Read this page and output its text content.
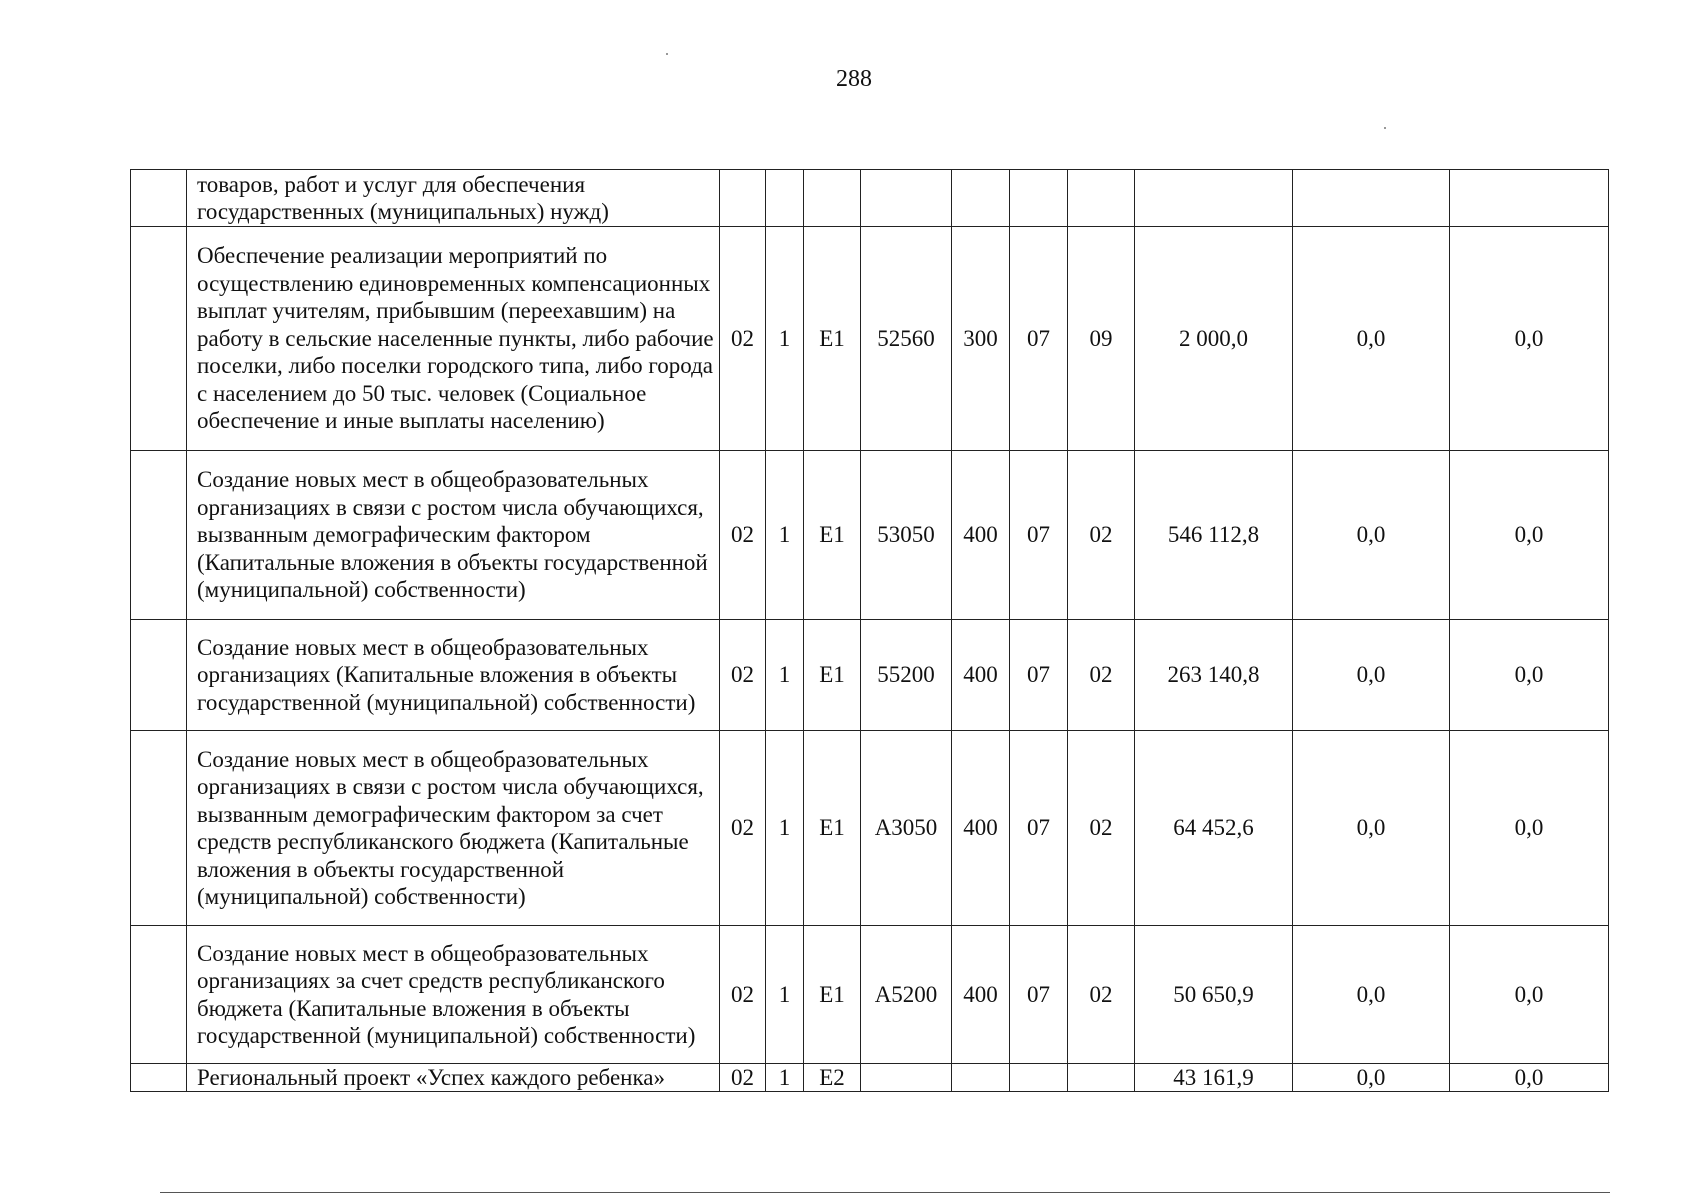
288
	товаров, работ и услуг для обеспечения государственных (муниципальных) нужд)										
	Обеспечение реализации мероприятий по осуществлению единовременных компенсационных выплат учителям, прибывшим (переехавшим) на работу в сельские населенные пункты, либо рабочие поселки, либо поселки городского типа, либо города с населением до 50 тыс. человек (Социальное обеспечение и иные выплаты населению)	02	1	Е1	52560	300	07	09	2 000,0	0,0	0,0
	Создание новых мест в общеобразовательных организациях в связи с ростом числа обучающихся, вызванным демографическим фактором (Капитальные вложения в объекты государственной (муниципальной) собственности)	02	1	Е1	53050	400	07	02	546 112,8	0,0	0,0
	Создание новых мест в общеобразовательных организациях (Капитальные вложения в объекты государственной (муниципальной) собственности)	02	1	Е1	55200	400	07	02	263 140,8	0,0	0,0
	Создание новых мест в общеобразовательных организациях в связи с ростом числа обучающихся, вызванным демографическим фактором за счет средств республиканского бюджета (Капитальные вложения в объекты государственной (муниципальной) собственности)	02	1	Е1	А3050	400	07	02	64 452,6	0,0	0,0
	Создание новых мест в общеобразовательных организациях за счет средств республиканского бюджета (Капитальные вложения в объекты государственной (муниципальной) собственности)	02	1	Е1	А5200	400	07	02	50 650,9	0,0	0,0
	Региональный проект «Успех каждого ребенка»	02	1	Е2					43 161,9	0,0	0,0
